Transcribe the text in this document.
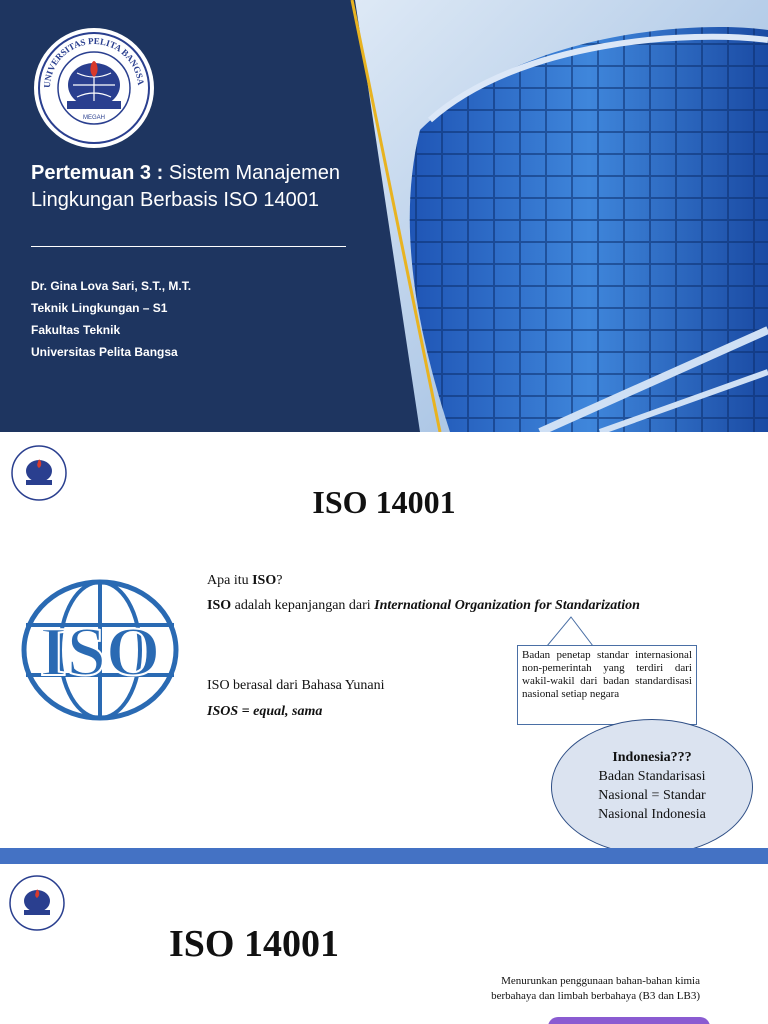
UNIVERSITAS PELITA BANGSA
MEGAH
Pertemuan 3 : Sistem Manajemen Lingkungan Berbasis ISO 14001
Dr. Gina Lova Sari, S.T., M.T.
Teknik Lingkungan – S1
Fakultas Teknik
Universitas Pelita Bangsa
ISO 14001
ISO
Apa itu ISO?
ISO adalah kepanjangan dari International Organization for Standarization
ISO berasal dari Bahasa Yunani
ISOS = equal, sama
Badan penetap standar internasional non-pemerintah yang terdiri dari wakil-wakil dari badan standardisasi nasional setiap negara
Indonesia???
Badan Standarisasi
Nasional = Standar
Nasional Indonesia
ISO 14001
Menurunkan penggunaan bahan-bahan kimia berbahaya dan limbah berbahaya (B3 dan LB3)
